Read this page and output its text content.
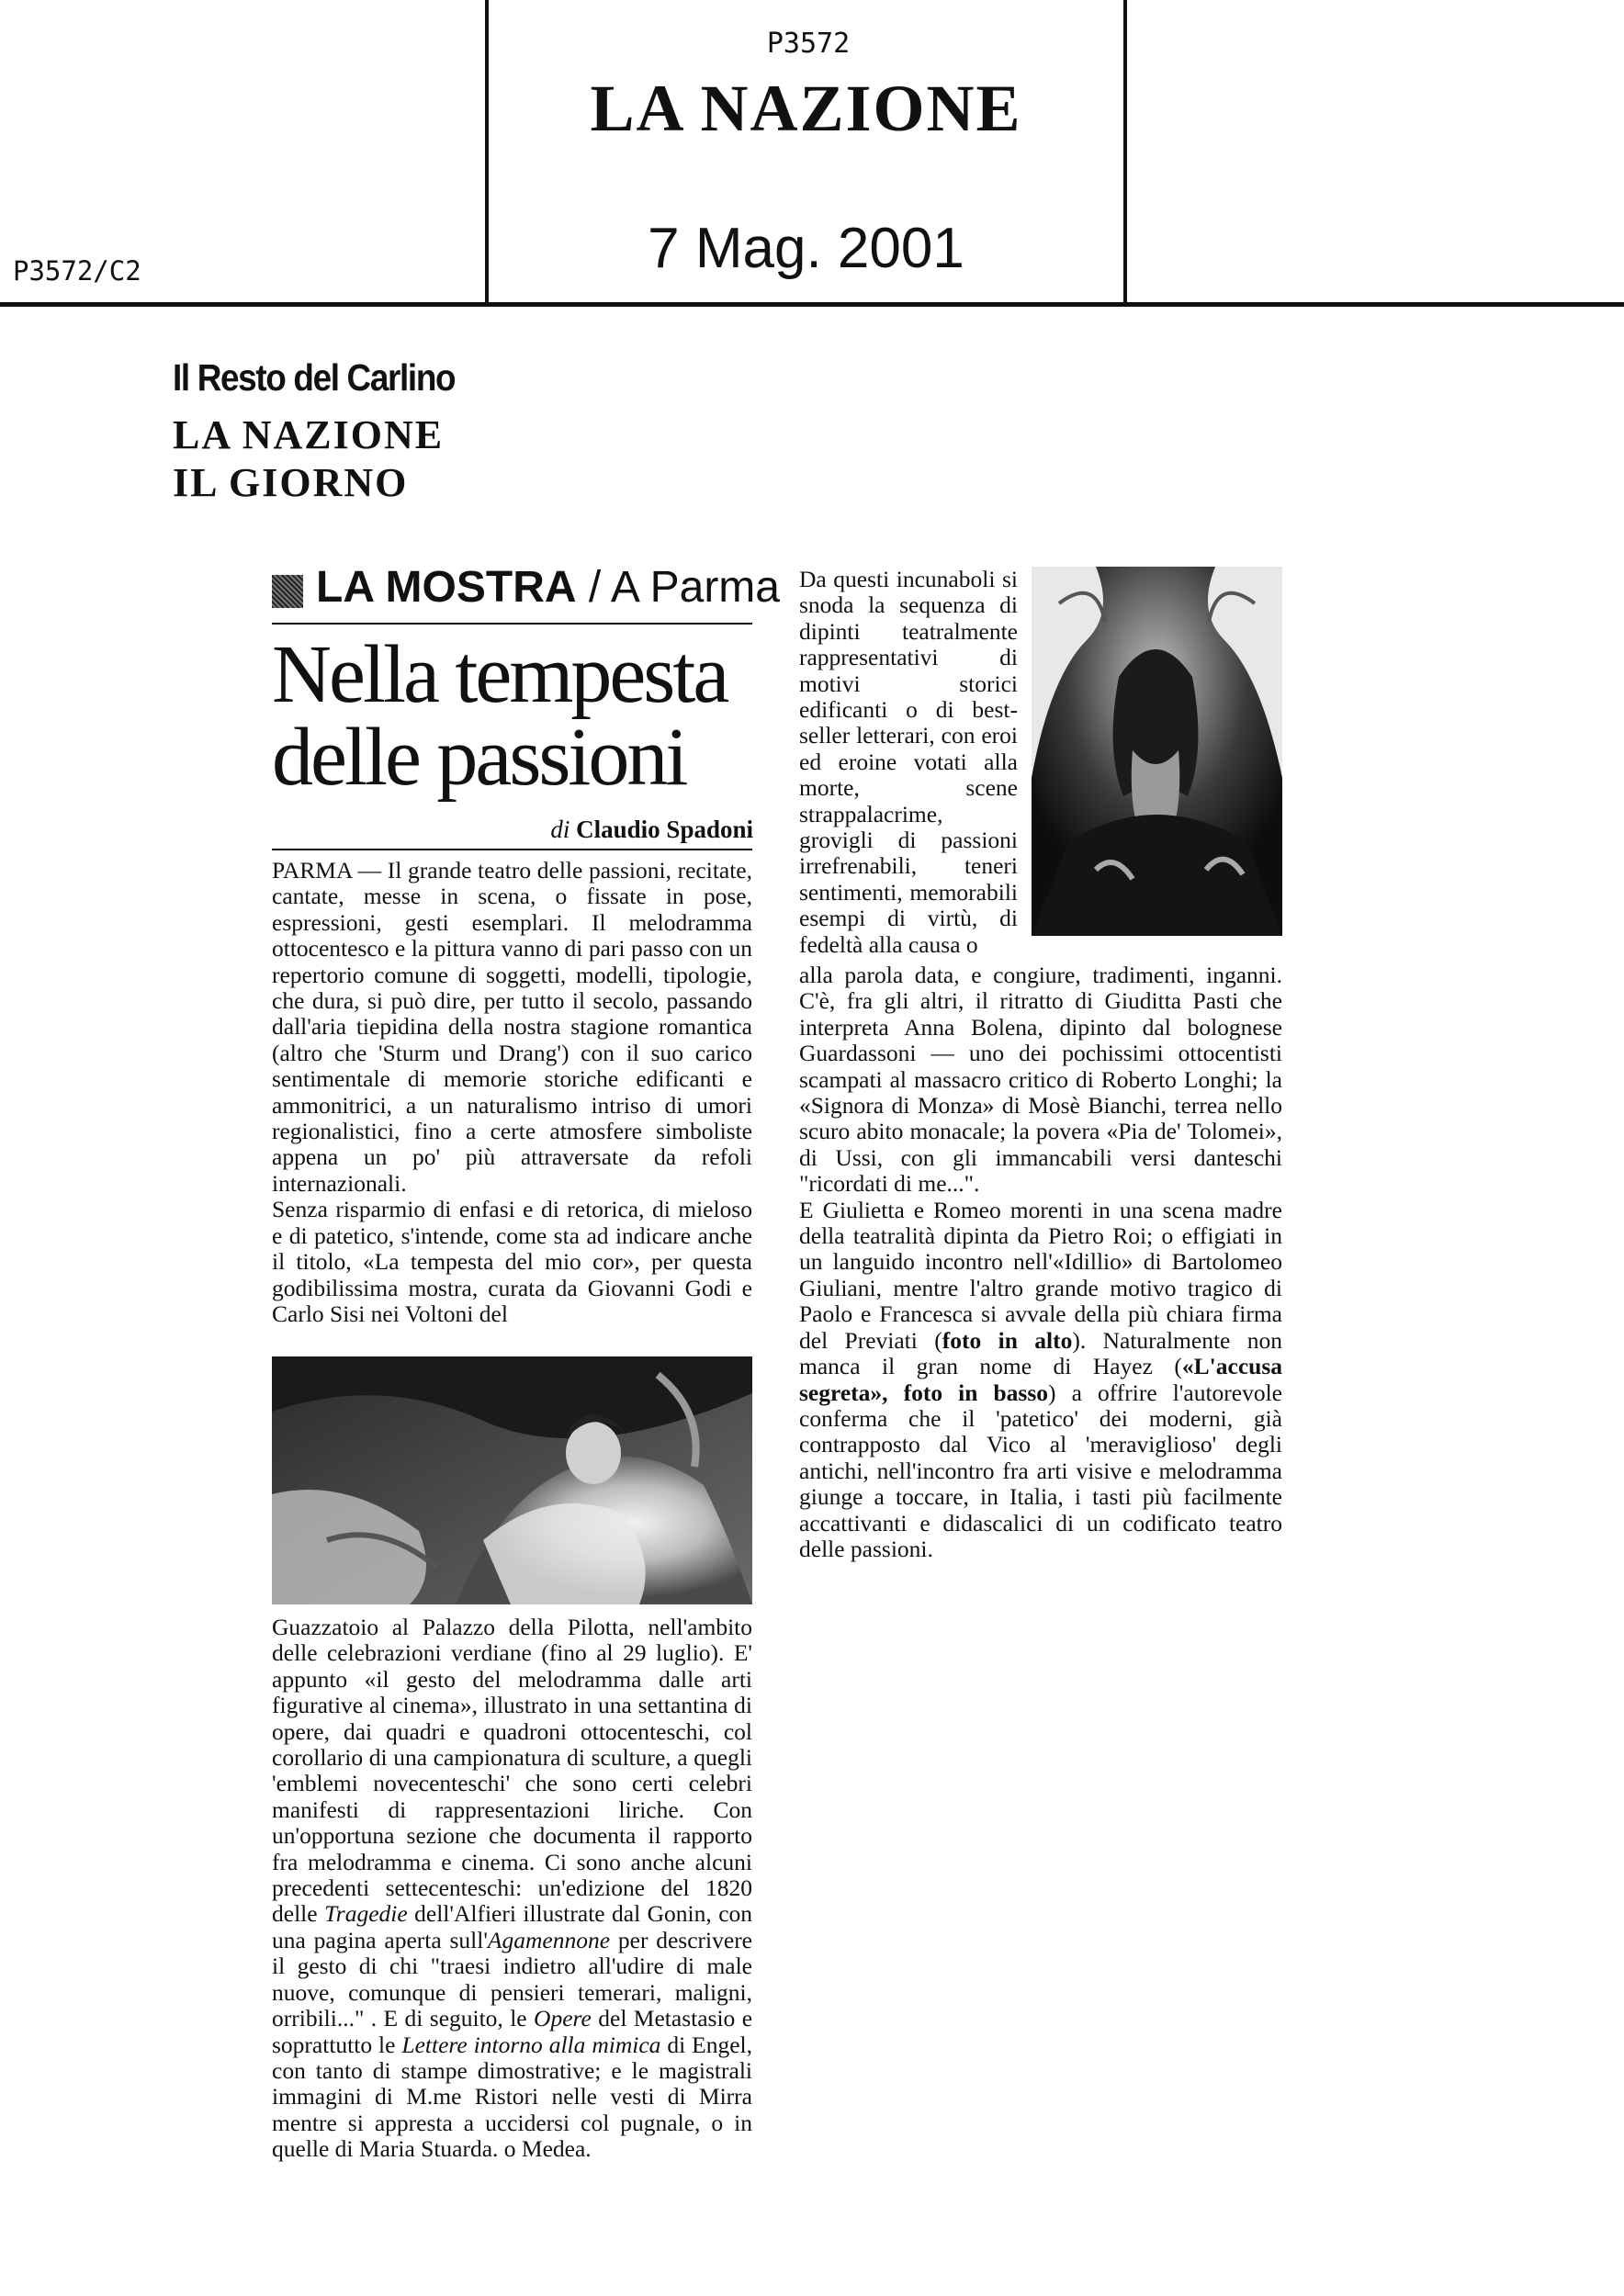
P3572
LA NAZIONE
P3572/C2	7 Mag. 2001
Il Resto del Carlino
LA NAZIONE
IL GIORNO
LA MOSTRA / A Parma
Nella tempesta
delle passioni
di Claudio Spadoni

PARMA — Il grande teatro delle passioni, recitate, cantate, messe in scena, o fissate in pose, espressioni, gesti esemplari. Il melodramma ottocentesco e la pittura vanno di pari passo con un repertorio comune di soggetti, modelli, tipologie, che dura, si può dire, per tutto il secolo, passando dall'aria tiepidina della nostra stagione romantica (altro che 'Sturm und Drang') con il suo carico sentimentale di memorie storiche edificanti e ammonitrici, a un naturalismo intriso di umori regionalistici, fino a certe atmosfere simboliste appena un po' più attraversate da refoli internazionali.

Senza risparmio di enfasi e di retorica, di mieloso e di patetico, s'intende, come sta ad indicare anche il titolo, «La tempesta del mio cor», per questa godibilissima mostra, curata da Giovanni Godi e Carlo Sisi nei Voltoni del

Guazzatoio al Palazzo della Pilotta, nell'ambito delle celebrazioni verdiane (fino al 29 luglio). E' appunto «il gesto del melodramma dalle arti figurative al cinema», illustrato in una settantina di opere, dai quadri e quadroni ottocenteschi, col corollario di una campionatura di sculture, a quegli 'emblemi novecenteschi' che sono certi celebri manifesti di rappresentazioni liriche. Con un'opportuna sezione che documenta il rapporto fra melodramma e cinema. Ci sono anche alcuni precedenti settecenteschi: un'edizione del 1820 delle Tragedie dell'Alfieri illustrate dal Gonin, con una pagina aperta sull'Agamennone per descrivere il gesto di chi "traesi indietro all'udire di male nuove, comunque di pensieri temerari, maligni, orribili..." . E di seguito, le Opere del Metastasio e soprattutto le Lettere intorno alla mimica di Engel, con tanto di stampe dimostrative; e le magistrali immagini di M.me Ristori nelle vesti di Mirra mentre si appresta a uccidersi col pugnale, o in quelle di Maria Stuarda. o Medea.

Da questi incunaboli si snoda la sequenza di dipinti teatralmente rappresentativi di motivi storici edificanti o di best-seller letterari, con eroi ed eroine votati alla morte, scene strappalacrime, grovigli di passioni irrefrenabili, teneri sentimenti, memorabili esempi di virtù, di fedeltà alla causa o

alla parola data, e congiure, tradimenti, inganni. C'è, fra gli altri, il ritratto di Giuditta Pasti che interpreta Anna Bolena, dipinto dal bolognese Guardassoni — uno dei pochissimi ottocentisti scampati al massacro critico di Roberto Longhi; la «Signora di Monza» di Mosè Bianchi, terrea nello scuro abito monacale; la povera «Pia de' Tolomei», di Ussi, con gli immancabili versi danteschi "ricordati di me...".

E Giulietta e Romeo morenti in una scena madre della teatralità dipinta da Pietro Roi; o effigiati in un languido incontro nell'«Idillio» di Bartolomeo Giuliani, mentre l'altro grande motivo tragico di Paolo e Francesca si avvale della più chiara firma del Previati (foto in alto). Naturalmente non manca il gran nome di Hayez («L'accusa segreta», foto in basso) a offrire l'autorevole conferma che il 'patetico' dei moderni, già contrapposto dal Vico al 'meraviglioso' degli antichi, nell'incontro fra arti visive e melodramma giunge a toccare, in Italia, i tasti più facilmente accattivanti e didascalici di un codificato teatro delle passioni.
